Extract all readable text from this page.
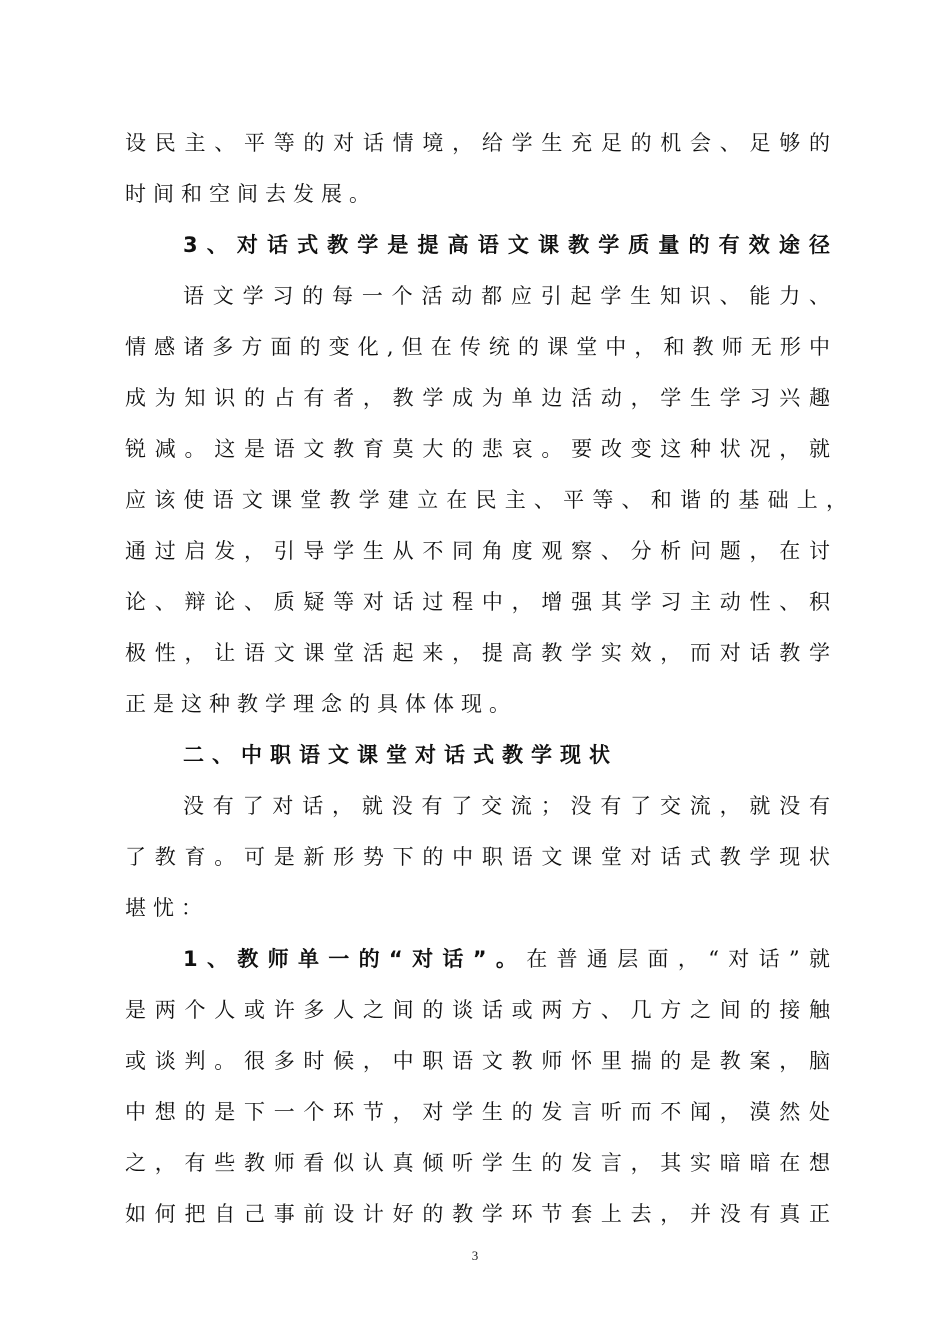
设民主、平等的对话情境，给学生充足的机会、足够的
时间和空间去发展。
3、对话式教学是提高语文课教学质量的有效途径
语文学习的每一个活动都应引起学生知识、能力、
情感诸多方面的变化,但在传统的课堂中，和教师无形中
成为知识的占有者，教学成为单边活动，学生学习兴趣
锐减。这是语文教育莫大的悲哀。要改变这种状况，就
应该使语文课堂教学建立在民主、平等、和谐的基础上，
通过启发，引导学生从不同角度观察、分析问题，在讨
论、辩论、质疑等对话过程中，增强其学习主动性、积
极性，让语文课堂活起来，提高教学实效，而对话教学
正是这种教学理念的具体体现。
二、中职语文课堂对话式教学现状
没有了对话，就没有了交流；没有了交流，就没有
了教育。可是新形势下的中职语文课堂对话式教学现状
堪忧：
1、教师单一的“对话”。在普通层面，“对话”就
是两个人或许多人之间的谈话或两方、几方之间的接触
或谈判。很多时候，中职语文教师怀里揣的是教案，脑
中想的是下一个环节，对学生的发言听而不闻，漠然处
之，有些教师看似认真倾听学生的发言，其实暗暗在想
如何把自己事前设计好的教学环节套上去，并没有真正
3
